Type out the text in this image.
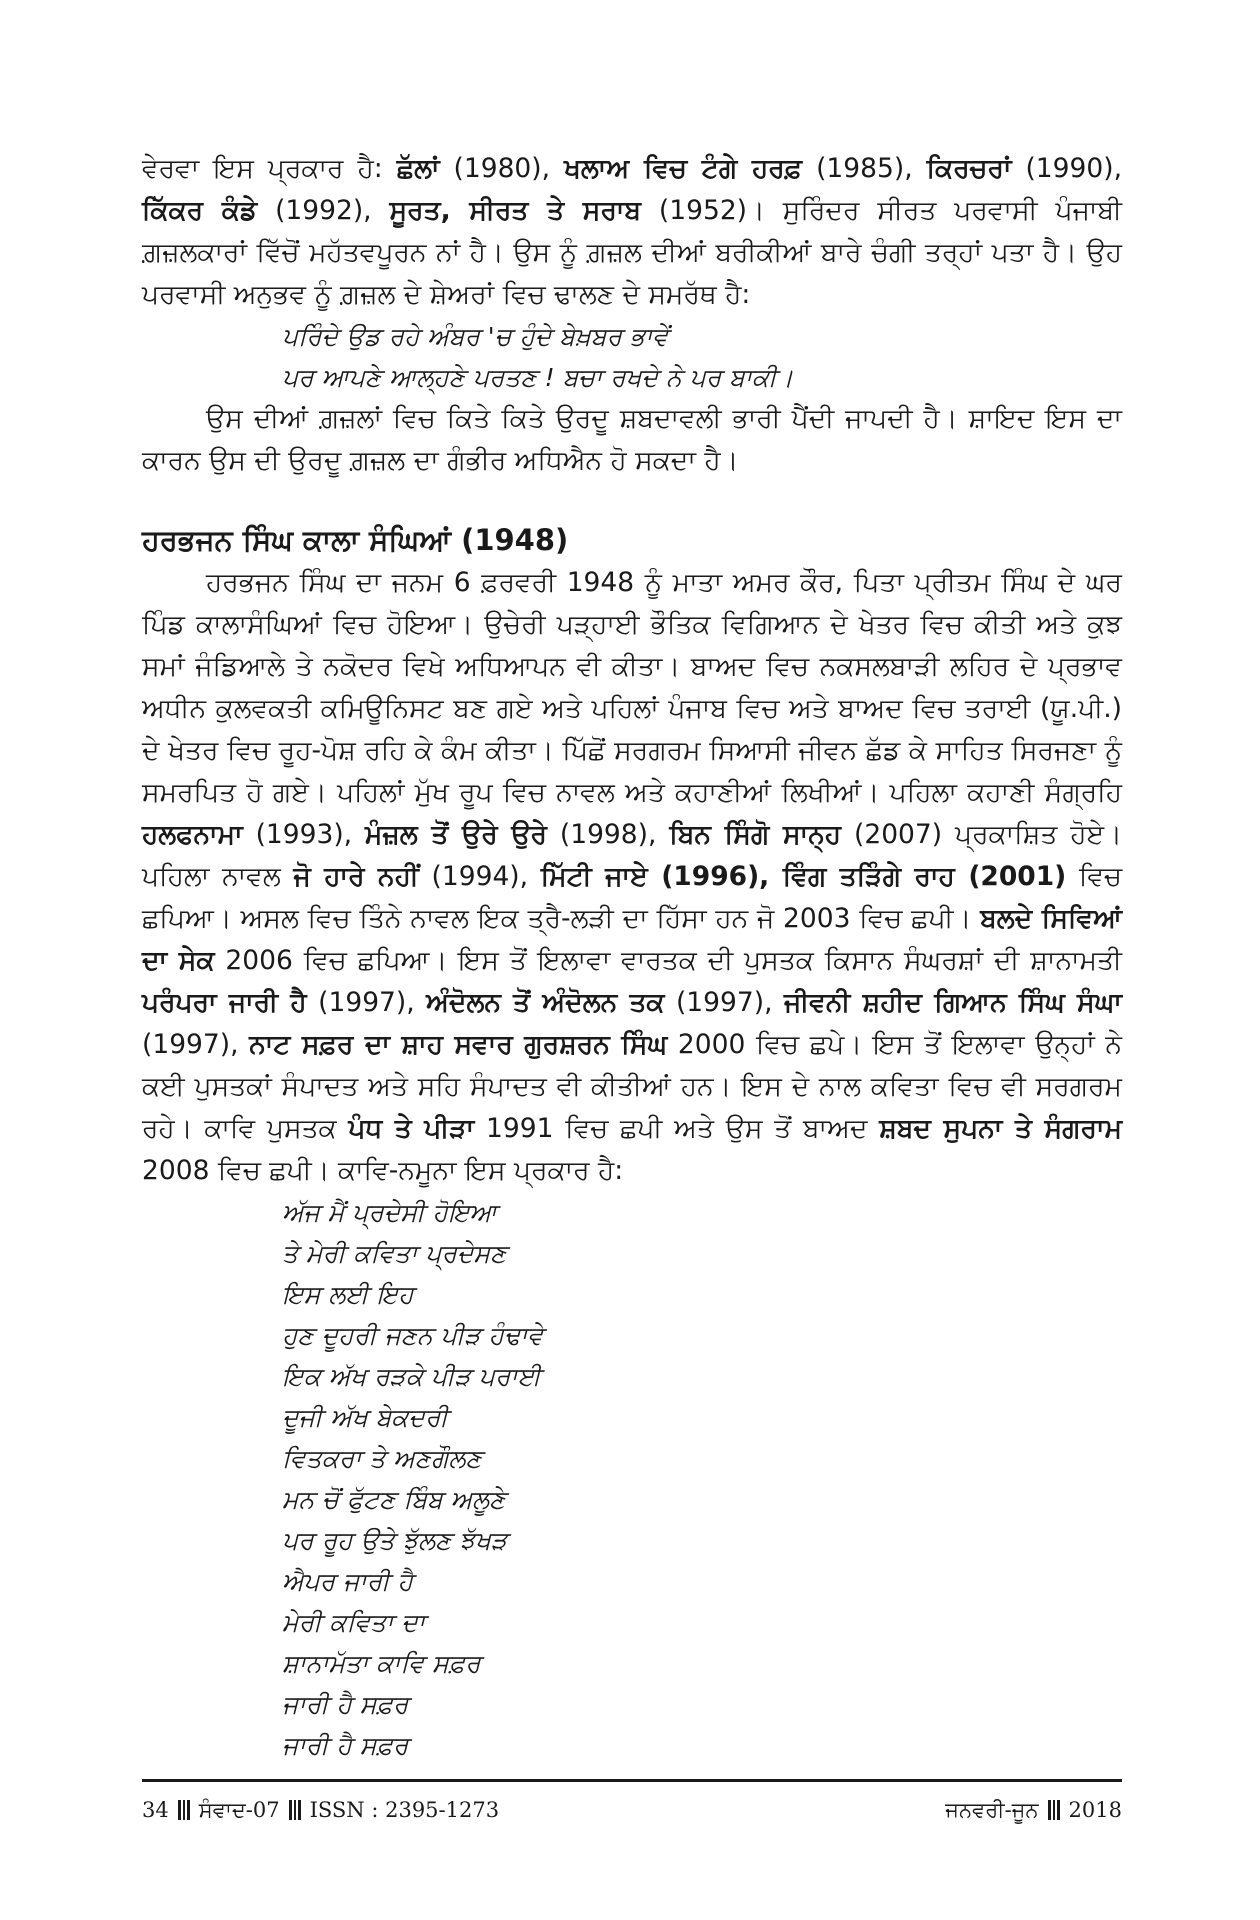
ਵੇਰਵਾ ਇਸ ਪ੍ਰਕਾਰ ਹੈ: ਛੱਲਾਂ (1980), ਖਲਾਅ ਵਿਚ ਟੰਗੇ ਹਰਫ਼ (1985), ਕਿਰਚਰਾਂ (1990), ਕਿੱਕਰ ਕੰਡੇ (1992), ਸੂਰਤ, ਸੀਰਤ ਤੇ ਸਰਾਬ (1952)। ਸੁਰਿੰਦਰ ਸੀਰਤ ਪਰਵਾਸੀ ਪੰਜਾਬੀ ਗ਼ਜ਼ਲਕਾਰਾਂ ਵਿੱਚੋਂ ਮਹੱਤਵਪੂਰਨ ਨਾਂ ਹੈ। ਉਸ ਨੂੰ ਗ਼ਜ਼ਲ ਦੀਆਂ ਬਰੀਕੀਆਂ ਬਾਰੇ ਚੰਗੀ ਤਰ੍ਹਾਂ ਪਤਾ ਹੈ। ਉਹ ਪਰਵਾਸੀ ਅਨੁਭਵ ਨੂੰ ਗ਼ਜ਼ਲ ਦੇ ਸ਼ੇਅਰਾਂ ਵਿਚ ਢਾਲਣ ਦੇ ਸਮਰੱਥ ਹੈ:

ਪਰਿੰਦੇ ਉਡ ਰਹੇ ਅੰਬਰ 'ਚ ਹੁੰਦੇ ਬੇਖ਼ਬਰ ਭਾਵੇਂ
ਪਰ ਆਪਣੇ ਆਲ੍ਹਣੇ ਪਰਤਣ ! ਬਚਾ ਰਖਦੇ ਨੇ ਪਰ ਬਾਕੀ।

ਉਸ ਦੀਆਂ ਗ਼ਜ਼ਲਾਂ ਵਿਚ ਕਿਤੇ ਕਿਤੇ ਉਰਦੂ ਸ਼ਬਦਾਵਲੀ ਭਾਰੀ ਪੈਂਦੀ ਜਾਪਦੀ ਹੈ। ਸ਼ਾਇਦ ਇਸ ਦਾ ਕਾਰਨ ਉਸ ਦੀ ਉਰਦੂ ਗ਼ਜ਼ਲ ਦਾ ਗੰਭੀਰ ਅਧਿਐਨ ਹੋ ਸਕਦਾ ਹੈ।

ਹਰਭਜਨ ਸਿੰਘ ਕਾਲਾ ਸੰਘਿਆਂ (1948)

ਹਰਭਜਨ ਸਿੰਘ ਦਾ ਜਨਮ 6 ਫ਼ਰਵਰੀ 1948 ਨੂੰ ਮਾਤਾ ਅਮਰ ਕੌਰ, ਪਿਤਾ ਪ੍ਰੀਤਮ ਸਿੰਘ ਦੇ ਘਰ ਪਿੰਡ ਕਾਲਾਸੰਘਿਆਂ ਵਿਚ ਹੋਇਆ। ਉਚੇਰੀ ਪੜ੍ਹਾਈ ਭੌਤਿਕ ਵਿਗਿਆਨ ਦੇ ਖੇਤਰ ਵਿਚ ਕੀਤੀ ਅਤੇ ਕੁਝ ਸਮਾਂ ਜੰਡਿਆਲੇ ਤੇ ਨਕੋਦਰ ਵਿਖੇ ਅਧਿਆਪਨ ਵੀ ਕੀਤਾ। ਬਾਅਦ ਵਿਚ ਨਕਸਲਬਾੜੀ ਲਹਿਰ ਦੇ ਪ੍ਰਭਾਵ ਅਧੀਨ ਕੁਲਵਕਤੀ ਕਮਿਊਨਿਸਟ ਬਣ ਗਏ ਅਤੇ ਪਹਿਲਾਂ ਪੰਜਾਬ ਵਿਚ ਅਤੇ ਬਾਅਦ ਵਿਚ ਤਰਾਈ (ਯੂ.ਪੀ.) ਦੇ ਖੇਤਰ ਵਿਚ ਰੂਹ-ਪੋਸ਼ ਰਹਿ ਕੇ ਕੰਮ ਕੀਤਾ। ਪਿੱਛੋਂ ਸਰਗਰਮ ਸਿਆਸੀ ਜੀਵਨ ਛੱਡ ਕੇ ਸਾਹਿਤ ਸਿਰਜਣਾ ਨੂੰ ਸਮਰਪਿਤ ਹੋ ਗਏ। ਪਹਿਲਾਂ ਮੁੱਖ ਰੂਪ ਵਿਚ ਨਾਵਲ ਅਤੇ ਕਹਾਣੀਆਂ ਲਿਖੀਆਂ। ਪਹਿਲਾ ਕਹਾਣੀ ਸੰਗ੍ਰਹਿ ਹਲਫਨਾਮਾ (1993), ਮੰਜ਼ਲ ਤੋਂ ਉਰੇ ਉਰੇ (1998), ਬਿਨ ਸਿੰਗੋ ਸਾਨ੍ਹ (2007) ਪ੍ਰਕਾਸ਼ਿਤ ਹੋਏ। ਪਹਿਲਾ ਨਾਵਲ ਜੋ ਹਾਰੇ ਨਹੀਂ (1994), ਮਿੱਟੀ ਜਾਏ (1996), ਵਿੰਗ ਤੜਿੰਗੇ ਰਾਹ (2001) ਵਿਚ ਛਪਿਆ। ਅਸਲ ਵਿਚ ਤਿੰਨੇ ਨਾਵਲ ਇਕ ਤ੍ਰੈ-ਲੜੀ ਦਾ ਹਿੱਸਾ ਹਨ ਜੋ 2003 ਵਿਚ ਛਪੀ। ਬਲਦੇ ਸਿਵਿਆਂ ਦਾ ਸੇਕ 2006 ਵਿਚ ਛਪਿਆ। ਇਸ ਤੋਂ ਇਲਾਵਾ ਵਾਰਤਕ ਦੀ ਪੁਸਤਕ ਕਿਸਾਨ ਸੰਘਰਸ਼ਾਂ ਦੀ ਸ਼ਾਨਾਮਤੀ ਪਰੰਪਰਾ ਜਾਰੀ ਹੈ (1997), ਅੰਦੋਲਨ ਤੋਂ ਅੰਦੋਲਨ ਤਕ (1997), ਜੀਵਨੀ ਸ਼ਹੀਦ ਗਿਆਨ ਸਿੰਘ ਸੰਘਾ (1997), ਨਾਟ ਸਫ਼ਰ ਦਾ ਸ਼ਾਹ ਸਵਾਰ ਗੁਰਸ਼ਰਨ ਸਿੰਘ 2000 ਵਿਚ ਛਪੇ। ਇਸ ਤੋਂ ਇਲਾਵਾ ਉਨ੍ਹਾਂ ਨੇ ਕਈ ਪੁਸਤਕਾਂ ਸੰਪਾਦਤ ਅਤੇ ਸਹਿ ਸੰਪਾਦਤ ਵੀ ਕੀਤੀਆਂ ਹਨ। ਇਸ ਦੇ ਨਾਲ ਕਵਿਤਾ ਵਿਚ ਵੀ ਸਰਗਰਮ ਰਹੇ। ਕਾਵਿ ਪੁਸਤਕ ਪੰਧ ਤੇ ਪੀੜਾ 1991 ਵਿਚ ਛਪੀ ਅਤੇ ਉਸ ਤੋਂ ਬਾਅਦ ਸ਼ਬਦ ਸੁਪਨਾ ਤੇ ਸੰਗਰਾਮ 2008 ਵਿਚ ਛਪੀ। ਕਾਵਿ-ਨਮੂਨਾ ਇਸ ਪ੍ਰਕਾਰ ਹੈ:

ਅੱਜ ਮੈਂ ਪ੍ਰਦੇਸੀ ਹੋਇਆ
ਤੇ ਮੇਰੀ ਕਵਿਤਾ ਪ੍ਰਦੇਸਣ
ਇਸ ਲਈ ਇਹ
ਹੁਣ ਦੂਹਰੀ ਜਣਨ ਪੀੜ ਹੰਢਾਵੇ
ਇਕ ਅੱਖ ਰੜਕੇ ਪੀੜ ਪਰਾਈ
ਦੂਜੀ ਅੱਖ ਬੇਕਦਰੀ
ਵਿਤਕਰਾ ਤੇ ਅਣਗੌਲਣ
ਮਨ ਚੋਂ ਫੁੱਟਣ ਬਿੰਬ ਅਲੂਣੇ
ਪਰ ਰੂਹ ਉਤੇ ਝੁੱਲਣ ਝੱਖੜ
ਐਪਰ ਜਾਰੀ ਹੈ
ਮੇਰੀ ਕਵਿਤਾ ਦਾ
ਸ਼ਾਨਾਮੱਤਾ ਕਾਵਿ ਸਫ਼ਰ
ਜਾਰੀ ਹੈ ਸਫ਼ਰ
ਜਾਰੀ ਹੈ ਸਫ਼ਰ
34 ਸੰਵਾਦ-07 ISSN : 2395-1273	ਜਨਵਰੀ-ਜੂਨ 2018
